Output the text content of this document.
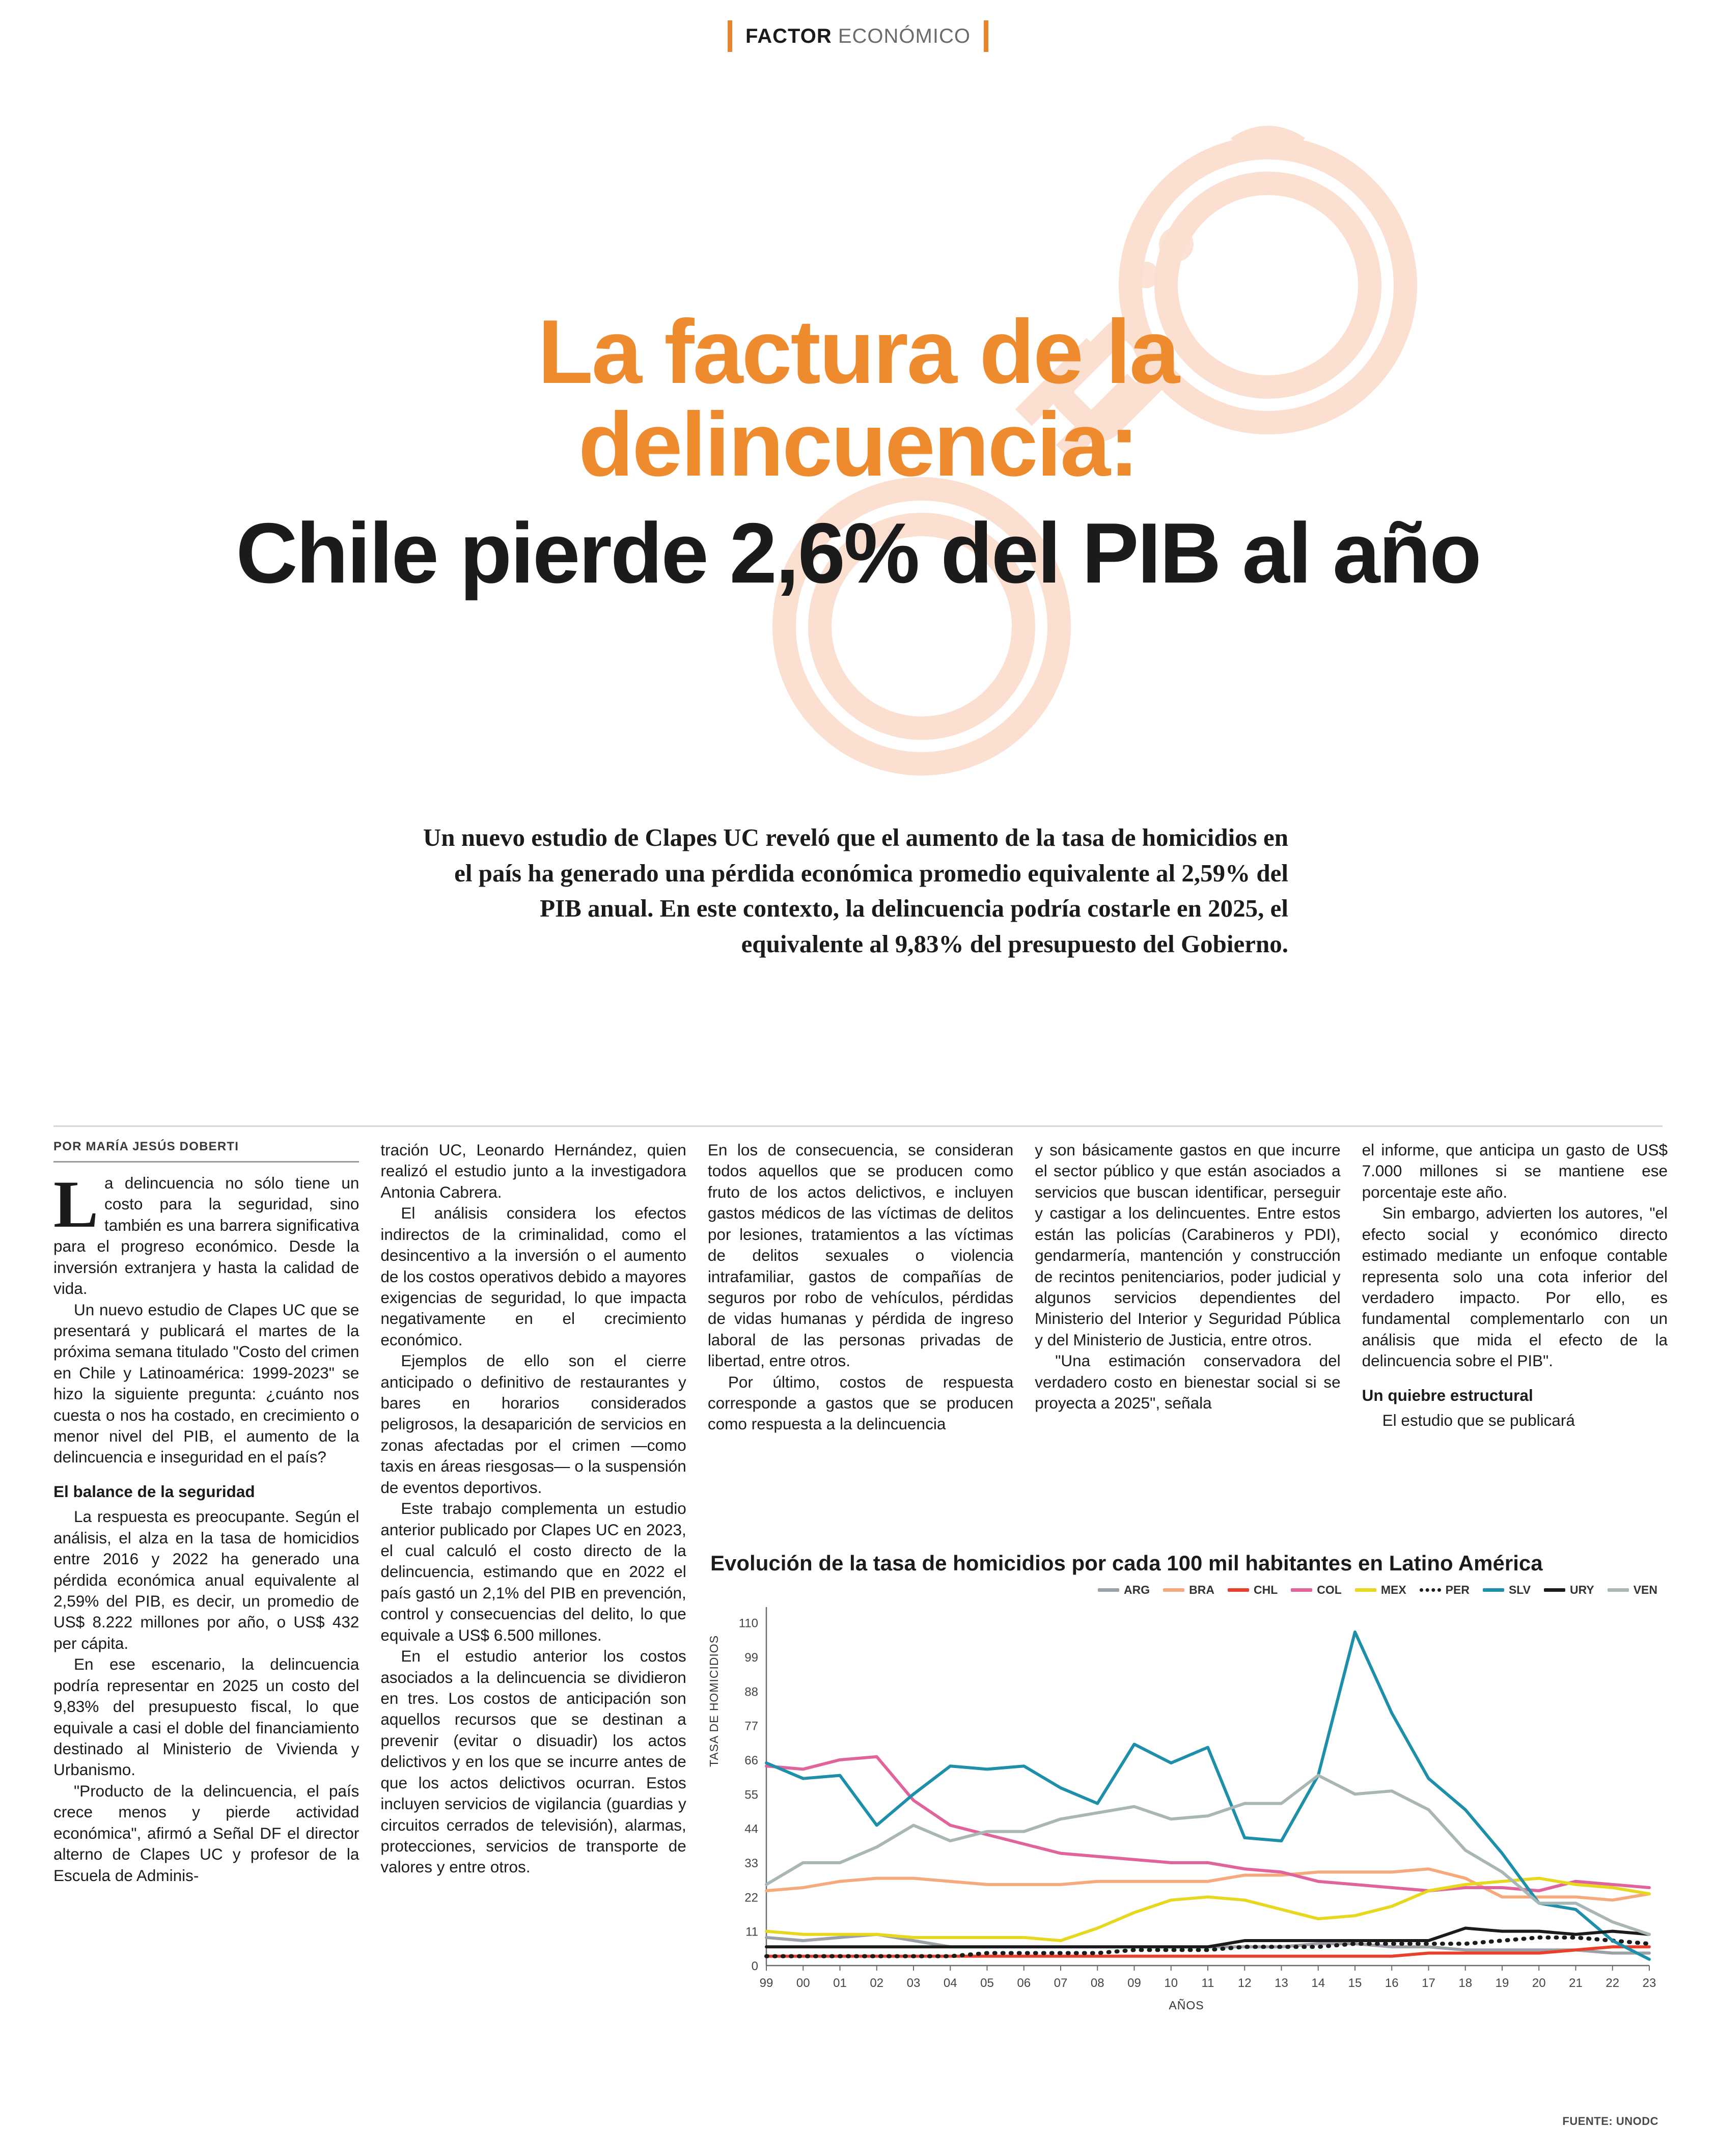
FACTOR ECONÓMICO
La factura de la
delincuencia:
Chile pierde 2,6% del PIB al año
Un nuevo estudio de Clapes UC reveló que el aumento de la tasa de homicidios en el país ha generado una pérdida económica promedio equivalente al 2,59% del PIB anual. En este contexto, la delincuencia podría costarle en 2025, el equivalente al 9,83% del presupuesto del Gobierno.
POR MARÍA JESÚS DOBERTI

La delincuencia no sólo tiene un costo para la seguridad, sino también es una barrera significativa para el progreso económico. Desde la inversión extranjera y hasta la calidad de vida.

Un nuevo estudio de Clapes UC que se presentará y publicará el martes de la próxima semana titulado "Costo del crimen en Chile y Latinoamérica: 1999-2023" se hizo la siguiente pregunta: ¿cuánto nos cuesta o nos ha costado, en crecimiento o menor nivel del PIB, el aumento de la delincuencia e inseguridad en el país?

El balance de la seguridad

La respuesta es preocupante. Según el análisis, el alza en la tasa de homicidios entre 2016 y 2022 ha generado una pérdida económica anual equivalente al 2,59% del PIB, es decir, un promedio de US$ 8.222 millones por año, o US$ 432 per cápita.

En ese escenario, la delincuencia podría representar en 2025 un costo del 9,83% del presupuesto fiscal, lo que equivale a casi el doble del financiamiento destinado al Ministerio de Vivienda y Urbanismo.

"Producto de la delincuencia, el país crece menos y pierde actividad económica", afirmó a Señal DF el director alterno de Clapes UC y profesor de la Escuela de Adminis-

tración UC, Leonardo Hernández, quien realizó el estudio junto a la investigadora Antonia Cabrera.

El análisis considera los efectos indirectos de la criminalidad, como el desincentivo a la inversión o el aumento de los costos operativos debido a mayores exigencias de seguridad, lo que impacta negativamente en el crecimiento económico.

Ejemplos de ello son el cierre anticipado o definitivo de restaurantes y bares en horarios considerados peligrosos, la desaparición de servicios en zonas afectadas por el crimen —como taxis en áreas riesgosas— o la suspensión de eventos deportivos.

Este trabajo complementa un estudio anterior publicado por Clapes UC en 2023, el cual calculó el costo directo de la delincuencia, estimando que en 2022 el país gastó un 2,1% del PIB en prevención, control y consecuencias del delito, lo que equivale a US$ 6.500 millones.

En el estudio anterior los costos asociados a la delincuencia se dividieron en tres. Los costos de anticipación son aquellos recursos que se destinan a prevenir (evitar o disuadir) los actos delictivos y en los que se incurre antes de que los actos delictivos ocurran. Estos incluyen servicios de vigilancia (guardias y circuitos cerrados de televisión), alarmas, protecciones, servicios de transporte de valores y entre otros.

En los de consecuencia, se consideran todos aquellos que se producen como fruto de los actos delictivos, e incluyen gastos médicos de las víctimas de delitos por lesiones, tratamientos a las víctimas de delitos sexuales o violencia intrafamiliar, gastos de compañías de seguros por robo de vehículos, pérdidas de vidas humanas y pérdida de ingreso laboral de las personas privadas de libertad, entre otros.

Por último, costos de respuesta corresponde a gastos que se producen como respuesta a la delincuencia

y son básicamente gastos en que incurre el sector público y que están asociados a servicios que buscan identificar, perseguir y castigar a los delincuentes. Entre estos están las policías (Carabineros y PDI), gendarmería, mantención y construcción de recintos penitenciarios, poder judicial y algunos servicios dependientes del Ministerio del Interior y Seguridad Pública y del Ministerio de Justicia, entre otros.

"Una estimación conservadora del verdadero costo en bienestar social si se proyecta a 2025", señala

el informe, que anticipa un gasto de US$ 7.000 millones si se mantiene ese porcentaje este año.

Sin embargo, advierten los autores, "el efecto social y económico directo estimado mediante un enfoque contable representa solo una cota inferior del verdadero impacto. Por ello, es fundamental complementarlo con un análisis que mida el efecto de la delincuencia sobre el PIB".

Un quiebre estructural

El estudio que se publicará

Evolución de la tasa de homicidios por cada 100 mil habitantes en Latino América
ARG	BRA	CHL	COL	MEX	PER	SLV	URY	VEN
TASA DE HOMICIDIOS
0
11
22
33
44
55
66
77
88
99
110
99 00 01 02 03 04 05 06 07 08 09 10 11 12 13 14 15 16 17 18 19 20 21 22 23
AÑOS
FUENTE: UNODC
